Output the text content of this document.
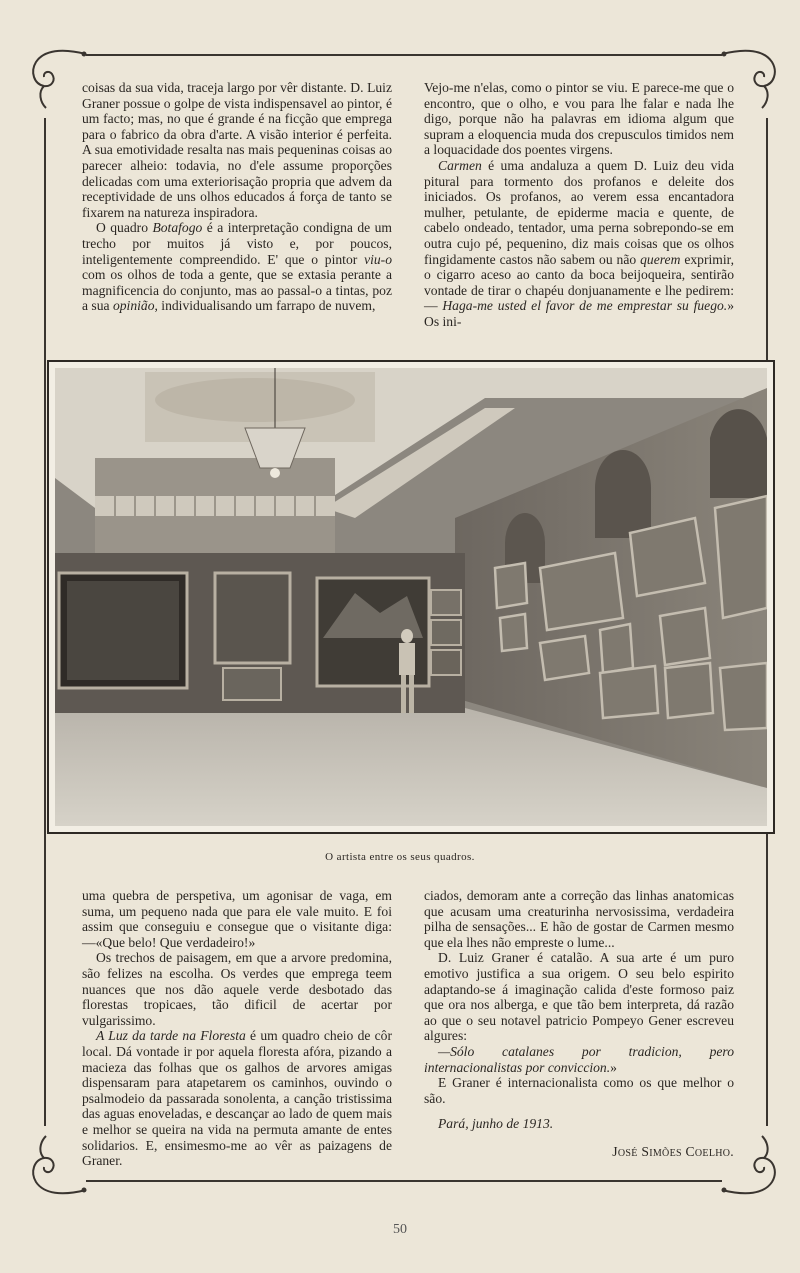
coisas da sua vida, traceja largo por vêr distante. D. Luiz Graner possue o golpe de vista indispensavel ao pintor, é um facto; mas, no que é grande é na ficção que emprega para o fabrico da obra d'arte. A visão interior é perfeita. A sua emotividade resalta nas mais pequeninas coisas ao parecer alheio: todavia, no d'ele assume proporções delicadas com uma exteriorisação propria que advem da receptividade de uns olhos educados á força de tanto se fixarem na natureza inspiradora.

O quadro Botafogo é a interpretação condigna de um trecho por muitos já visto e, por poucos, inteligentemente compreendido. E' que o pintor viu-o com os olhos de toda a gente, que se extasia perante a magnificencia do conjunto, mas ao passal-o a tintas, poz a sua opinião, individualisando um farrapo de nuvem,

Vejo-me n'elas, como o pintor se viu. E parece-me que o encontro, que o olho, e vou para lhe falar e nada lhe digo, porque não ha palavras em idioma algum que supram a eloquencia muda dos crepusculos timidos nem a loquacidade dos poentes virgens.

Carmen é uma andaluza a quem D. Luiz deu vida pitural para tormento dos profanos e deleite dos iniciados. Os profanos, ao verem essa encantadora mulher, petulante, de epiderme macia e quente, de cabelo ondeado, tentador, uma perna sobrepondo-se em outra cujo pé, pequenino, diz mais coisas que os olhos fingidamente castos não sabem ou não querem exprimir, o cigarro aceso ao canto da boca beijoqueira, sentirão vontade de tirar o chapéu donjuanamente e lhe pedirem: — Haga-me usted el favor de me emprestar su fuego.» Os ini-

O artista entre os seus quadros.

uma quebra de perspetiva, um agonisar de vaga, em suma, um pequeno nada que para ele vale muito. E foi assim que conseguiu e consegue que o visitante diga:—«Que belo! Que verdadeiro!»

Os trechos de paisagem, em que a arvore predomina, são felizes na escolha. Os verdes que emprega teem nuances que nos dão aquele verde desbotado das florestas tropicaes, tão dificil de acertar por vulgarissimo.

A Luz da tarde na Floresta é um quadro cheio de côr local. Dá vontade ir por aquela floresta afóra, pizando a macieza das folhas que os galhos de arvores amigas dispensaram para atapetarem os caminhos, ouvindo o psalmodeio da passarada sonolenta, a canção tristissima das aguas enoveladas, e descançar ao lado de quem mais e melhor se queira na vida na permuta amante de entes solidarios. E, ensimesmo-me ao vêr as paizagens de Graner.

ciados, demoram ante a correção das linhas anatomicas que acusam uma creaturinha nervosissima, verdadeira pilha de sensações... E hão de gostar de Carmen mesmo que ela lhes não empreste o lume...

D. Luiz Graner é catalão. A sua arte é um puro emotivo justifica a sua origem. O seu belo espirito adaptando-se á imaginação calida d'este formoso paiz que ora nos alberga, e que tão bem interpreta, dá razão ao que o seu notavel patricio Pompeyo Gener escreveu algures:

—Sólo catalanes por tradicion, pero internacionalistas por conviccion.»

E Graner é internacionalista como os que melhor o são.

Pará, junho de 1913.

José Simões Coelho.

50
